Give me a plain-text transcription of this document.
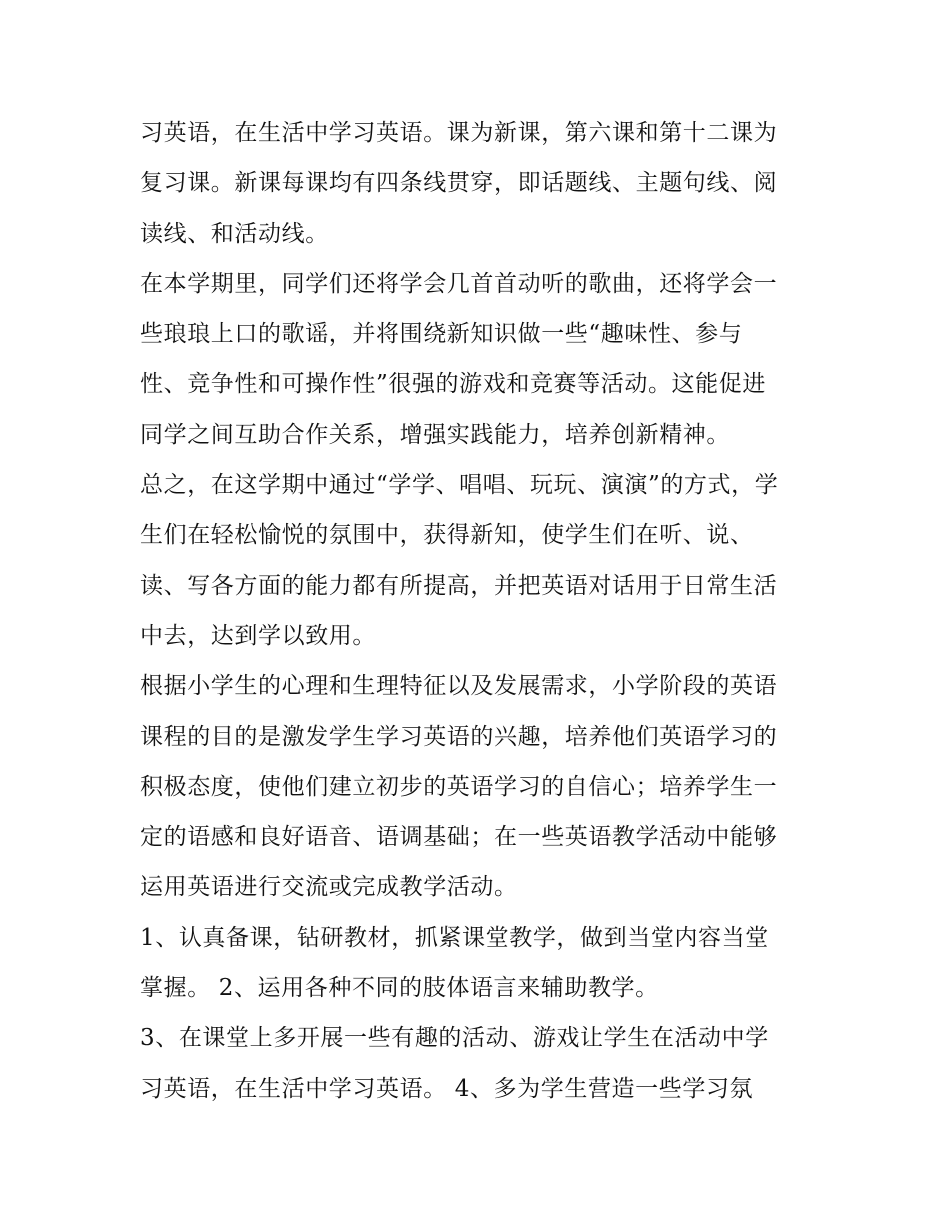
习英语，在生活中学习英语。课为新课，第六课和第十二课为
复习课。新课每课均有四条线贯穿，即话题线、主题句线、阅
读线、和活动线。
在本学期里，同学们还将学会几首首动听的歌曲，还将学会一
些琅琅上口的歌谣，并将围绕新知识做一些“趣味性、参与
性、竞争性和可操作性”很强的游戏和竞赛等活动。这能促进
同学之间互助合作关系，增强实践能力，培养创新精神。
总之，在这学期中通过“学学、唱唱、玩玩、演演”的方式，学
生们在轻松愉悦的氛围中，获得新知，使学生们在听、说、
读、写各方面的能力都有所提高，并把英语对话用于日常生活
中去，达到学以致用。
根据小学生的心理和生理特征以及发展需求，小学阶段的英语
课程的目的是激发学生学习英语的兴趣，培养他们英语学习的
积极态度，使他们建立初步的英语学习的自信心；培养学生一
定的语感和良好语音、语调基础；在一些英语教学活动中能够
运用英语进行交流或完成教学活动。
1、认真备课，钻研教材，抓紧课堂教学，做到当堂内容当堂
掌握。 2、运用各种不同的肢体语言来辅助教学。
3、在课堂上多开展一些有趣的活动、游戏让学生在活动中学
习英语，在生活中学习英语。 4、多为学生营造一些学习氛
